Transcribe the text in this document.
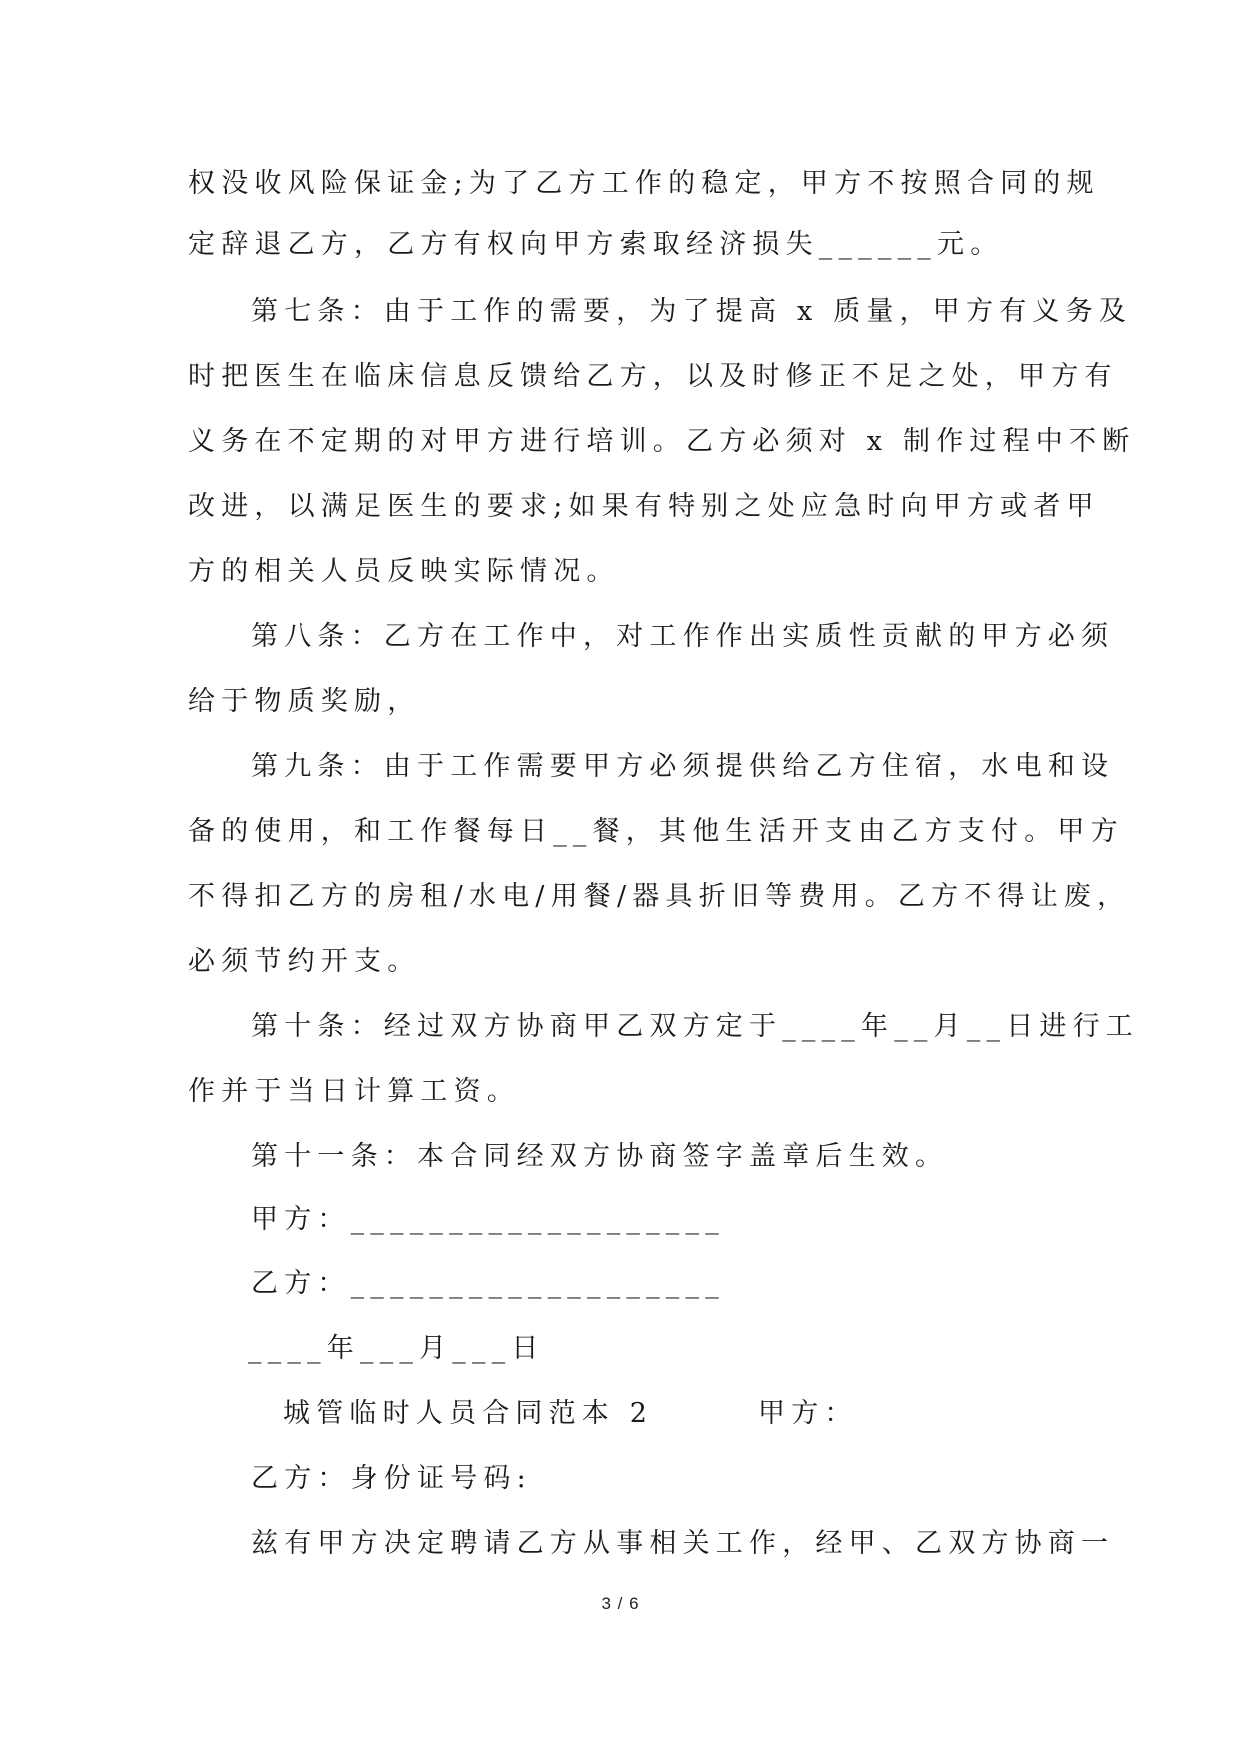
权没收风险保证金;为了乙方工作的稳定，甲方不按照合同的规
定辞退乙方，乙方有权向甲方索取经济损失______元。
第七条：由于工作的需要，为了提高 x 质量，甲方有义务及
时把医生在临床信息反馈给乙方，以及时修正不足之处，甲方有
义务在不定期的对甲方进行培训。乙方必须对 x 制作过程中不断
改进，以满足医生的要求;如果有特别之处应急时向甲方或者甲
方的相关人员反映实际情况。
第八条：乙方在工作中，对工作作出实质性贡献的甲方必须
给于物质奖励，
第九条：由于工作需要甲方必须提供给乙方住宿，水电和设
备的使用，和工作餐每日__餐，其他生活开支由乙方支付。甲方
不得扣乙方的房租/水电/用餐/器具折旧等费用。乙方不得让废，
必须节约开支。
第十条：经过双方协商甲乙双方定于____年__月__日进行工
作并于当日计算工资。
第十一条：本合同经双方协商签字盖章后生效。
甲方：___________________
乙方：___________________
____年___月___日
城管临时人员合同范本 2	甲方：
乙方：身份证号码:
兹有甲方决定聘请乙方从事相关工作，经甲、乙双方协商一
3 / 6
